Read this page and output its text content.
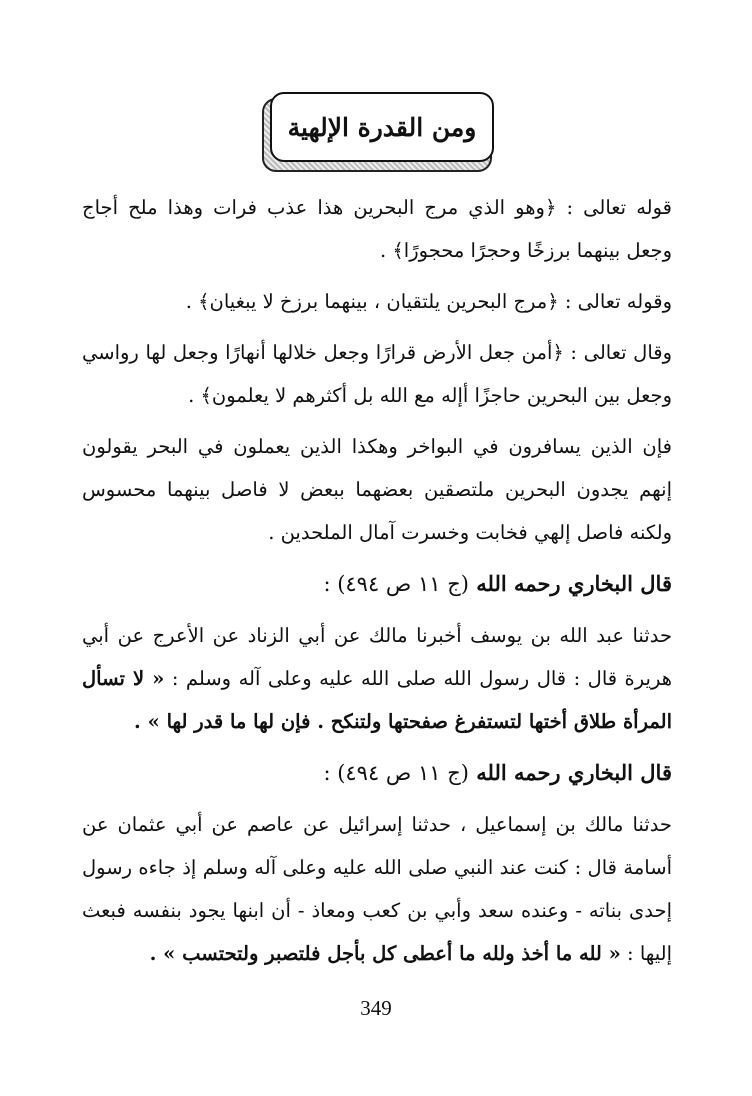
ومن القدرة الإلهية

قوله تعالى : ﴿وهو الذي مرج البحرين هذا عذب فرات وهذا ملح أجاج وجعل بينهما برزخًا وحجرًا محجورًا﴾ .

وقوله تعالى : ﴿مرج البحرين يلتقيان ، بينهما برزخ لا يبغيان﴾ .

وقال تعالى : ﴿أمن جعل الأرض قرارًا وجعل خلالها أنهارًا وجعل لها رواسي وجعل بين البحرين حاجزًا أإله مع الله بل أكثرهم لا يعلمون﴾ .

فإن الذين يسافرون في البواخر وهكذا الذين يعملون في البحر يقولون إنهم يجدون البحرين ملتصقين بعضهما ببعض لا فاصل بينهما محسوس ولكنه فاصل إلهي فخابت وخسرت آمال الملحدين .

قال البخاري رحمه الله (ج ١١ ص ٤٩٤) :

حدثنا عبد الله بن يوسف أخبرنا مالك عن أبي الزناد عن الأعرج عن أبي هريرة قال : قال رسول الله صلى الله عليه وعلى آله وسلم : « لا تسأل المرأة طلاق أختها لتستفرغ صفحتها ولتنكح . فإن لها ما قدر لها » .

قال البخاري رحمه الله (ج ١١ ص ٤٩٤) :

حدثنا مالك بن إسماعيل ، حدثنا إسرائيل عن عاصم عن أبي عثمان عن أسامة قال : كنت عند النبي صلى الله عليه وعلى آله وسلم إذ جاءه رسول إحدى بناته - وعنده سعد وأبي بن كعب ومعاذ - أن ابنها يجود بنفسه فبعث إليها : « لله ما أخذ ولله ما أعطى كل بأجل فلتصبر ولتحتسب » .

349
